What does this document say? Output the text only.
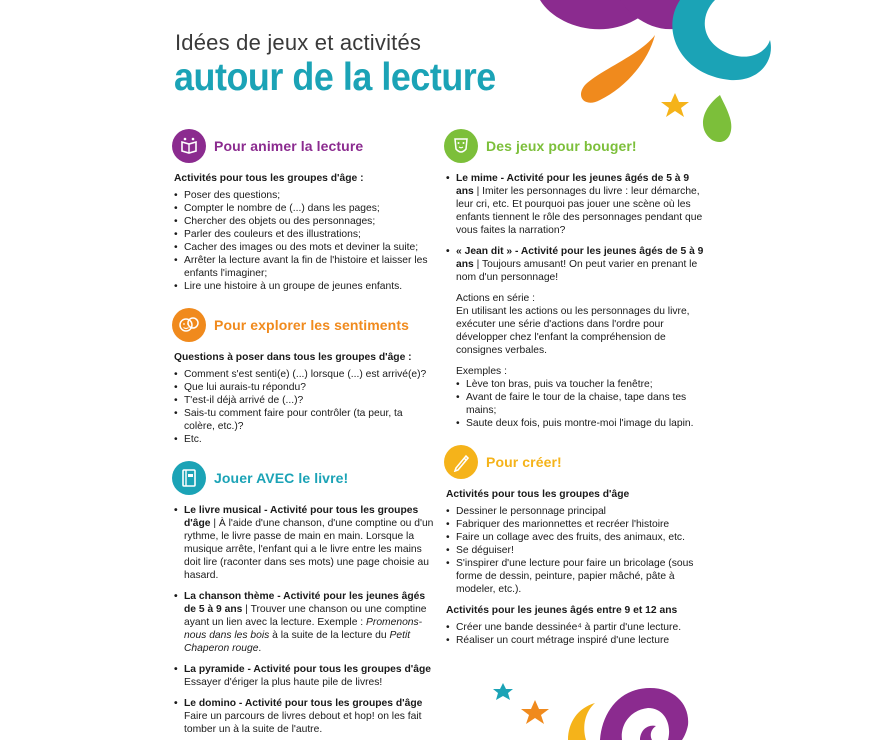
Idées de jeux et activités
autour de la lecture
Pour animer la lecture
Activités pour tous les groupes d'âge :
• Poser des questions;
• Compter le nombre de (...) dans les pages;
• Chercher des objets ou des personnages;
• Parler des couleurs et des illustrations;
• Cacher des images ou des mots et deviner la suite;
• Arrêter la lecture avant la fin de l'histoire et laisser les enfants l'imaginer;
• Lire une histoire à un groupe de jeunes enfants.
Pour explorer les sentiments
Questions à poser dans tous les groupes d'âge :
• Comment s'est senti(e) (...) lorsque (...) est arrivé(e)?
• Que lui aurais-tu répondu?
• T'est-il déjà arrivé de (...)?
• Sais-tu comment faire pour contrôler (ta peur, ta colère, etc.)?
• Etc.
Jouer AVEC le livre!
• Le livre musical - Activité pour tous les groupes d'âge | À l'aide d'une chanson, d'une comptine ou d'un rythme, le livre passe de main en main. Lorsque la musique arrête, l'enfant qui a le livre entre les mains doit lire (raconter dans ses mots) une page choisie au hasard.
• La chanson thème - Activité pour les jeunes âgés de 5 à 9 ans | Trouver une chanson ou une comptine ayant un lien avec la lecture. Exemple : Promenons-nous dans les bois à la suite de la lecture du Petit Chaperon rouge.
• La pyramide - Activité pour tous les groupes d'âge
Essayer d'ériger la plus haute pile de livres!
• Le domino - Activité pour tous les groupes d'âge
Faire un parcours de livres debout et hop! on les fait tomber un à la suite de l'autre.
Des jeux pour bouger!
• Le mime - Activité pour les jeunes âgés de 5 à 9 ans | Imiter les personnages du livre : leur démarche, leur cri, etc. Et pourquoi pas jouer une scène où les enfants tiennent le rôle des personnages pendant que vous faites la narration?
• « Jean dit » - Activité pour les jeunes âgés de 5 à 9 ans | Toujours amusant! On peut varier en prenant le nom d'un personnage!
Actions en série :
En utilisant les actions ou les personnages du livre, exécuter une série d'actions dans l'ordre pour développer chez l'enfant la compréhension de consignes verbales.
Exemples :
• Lève ton bras, puis va toucher la fenêtre;
• Avant de faire le tour de la chaise, tape dans tes mains;
• Saute deux fois, puis montre-moi l'image du lapin.
Pour créer!
Activités pour tous les groupes d'âge
• Dessiner le personnage principal
• Fabriquer des marionnettes et recréer l'histoire
• Faire un collage avec des fruits, des animaux, etc.
• Se déguiser!
• S'inspirer d'une lecture pour faire un bricolage (sous forme de dessin, peinture, papier mâché, pâte à modeler, etc.).
Activités pour les jeunes âgés entre 9 et 12 ans
• Créer une bande dessinée⁴ à partir d'une lecture.
• Réaliser un court métrage inspiré d'une lecture
